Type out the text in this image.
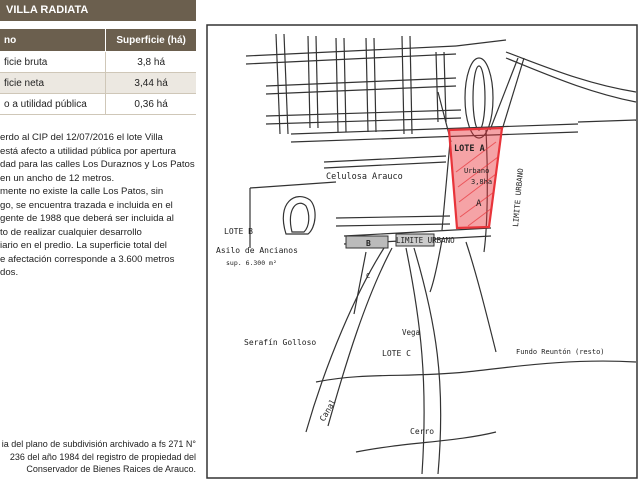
VILLA RADIATA
no	Superficie (há)
ficie bruta	3,8 há
ficie neta	3,44 há
o a utilidad pública	0,36 há
erdo al CIP del 12/07/2016 el lote Villa
está afecto a utilidad pública por apertura
dad para las calles Los Duraznos y Los Patos
en un ancho de 12 metros.
mente no existe la calle Los Patos, sin
go, se encuentra trazada e incluida en el
gente de 1988 que deberá ser incluida al
to de realizar cualquier desarrollo
iario en el predio. La superficie total del
e afectación corresponde a 3.600 metros
dos.
ia del plano de subdivisión archivado a fs 271 N°
236 del año 1984 del registro de propiedad del
Conservador de Bienes Raices de Arauco.
LOTE A
Urbano
3,8ha
A	LIMITE URBANO
LIMITE URBANO
Celulosa Arauco
LOTE B
Asilo de Ancianos
sup. 6.300 m²
B
C
Serafín Golloso
Vega
LOTE C	Fundo Reuntón (resto)
Canal
Cerro
